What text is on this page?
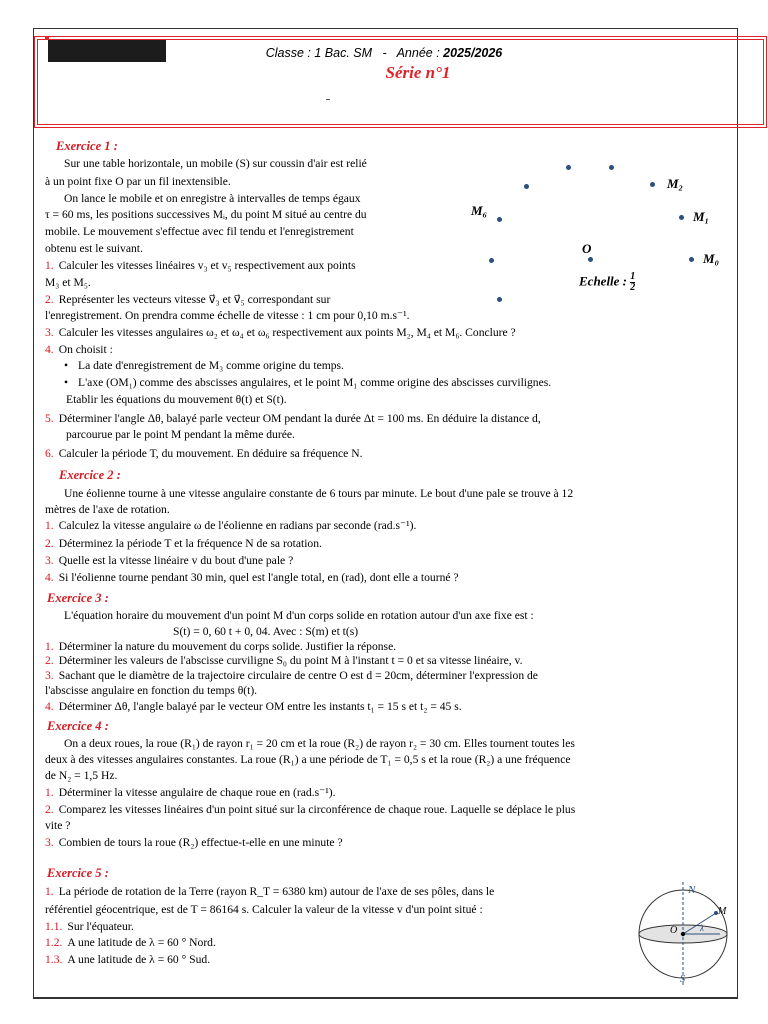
Classe : 1 Bac. SM - Année : 2025/2026
Série n°1
Exercice 1 :
Sur une table horizontale, un mobile (S) sur coussin d'air est relié
à un point fixe O par un fil inextensible.
On lance le mobile et on enregistre à intervalles de temps égaux
τ = 60 ms, les positions successives Mᵢ, du point M situé au centre du
mobile. Le mouvement s'effectue avec fil tendu et l'enregistrement
obtenu est le suivant.
1. Calculer les vitesses linéaires v₃ et v₅ respectivement aux points
M₃ et M₅.
2. Représenter les vecteurs vitesse v⃗₃ et v⃗₅ correspondant sur
l'enregistrement. On prendra comme échelle de vitesse : 1 cm pour 0,10 m.s⁻¹.
3. Calculer les vitesses angulaires ω₂ et ω₄ et ω₆ respectivement aux points M₂, M₄ et M₆. Conclure ?
4. On choisit :
• La date d'enregistrement de M₃ comme origine du temps.
• L'axe (OM₁) comme des abscisses angulaires, et le point M₁ comme origine des abscisses curvilignes.
Etablir les équations du mouvement θ(t) et S(t).
5. Déterminer l'angle Δθ, balayé parle vecteur OM pendant la durée Δt = 100 ms. En déduire la distance d,
parcourue par le point M pendant la même durée.
6. Calculer la période T, du mouvement. En déduire sa fréquence N.
M₂
M₆	M₁
O
M₀
Echelle : $\frac{1}{2}$
Exercice 2 :
Une éolienne tourne à une vitesse angulaire constante de 6 tours par minute. Le bout d'une pale se trouve à 12
mètres de l'axe de rotation.
1. Calculez la vitesse angulaire ω de l'éolienne en radians par seconde (rad.s⁻¹).
2. Déterminez la période T et la fréquence N de sa rotation.
3. Quelle est la vitesse linéaire v du bout d'une pale ?
4. Si l'éolienne tourne pendant 30 min, quel est l'angle total, en (rad), dont elle a tourné ?
Exercice 3 :
L'équation horaire du mouvement d'un point M d'un corps solide en rotation autour d'un axe fixe est :
S(t) = 0, 60 t + 0, 04. Avec : S(m) et t(s)
1. Déterminer la nature du mouvement du corps solide. Justifier la réponse.
2. Déterminer les valeurs de l'abscisse curviligne S₀ du point M à l'instant t = 0 et sa vitesse linéaire, v.
3. Sachant que le diamètre de la trajectoire circulaire de centre O est d = 20cm, déterminer l'expression de
l'abscisse angulaire en fonction du temps θ(t).
4. Déterminer Δθ, l'angle balayé par le vecteur OM entre les instants t₁ = 15 s et t₂ = 45 s.
Exercice 4 :
On a deux roues, la roue (R₁) de rayon r₁ = 20 cm et la roue (R₂) de rayon r₂ = 30 cm. Elles tournent toutes les
deux à des vitesses angulaires constantes. La roue (R₁) a une période de T₁ = 0,5 s et la roue (R₂) a une fréquence
de N₂ = 1,5 Hz.
1. Déterminer la vitesse angulaire de chaque roue en (rad.s⁻¹).
2. Comparez les vitesses linéaires d'un point situé sur la circonférence de chaque roue. Laquelle se déplace le plus
vite ?
3. Combien de tours la roue (R₂) effectue-t-elle en une minute ?
Exercice 5 :
1. La période de rotation de la Terre (rayon R_T = 6380 km) autour de l'axe de ses pôles, dans le
référentiel géocentrique, est de T = 86164 s. Calculer la valeur de la vitesse v d'un point situé :
1.1. Sur l'équateur.
1.2. A une latitude de λ = 60 ° Nord.
1.3. A une latitude de λ = 60 ° Sud.
N
M
O	λ
S
